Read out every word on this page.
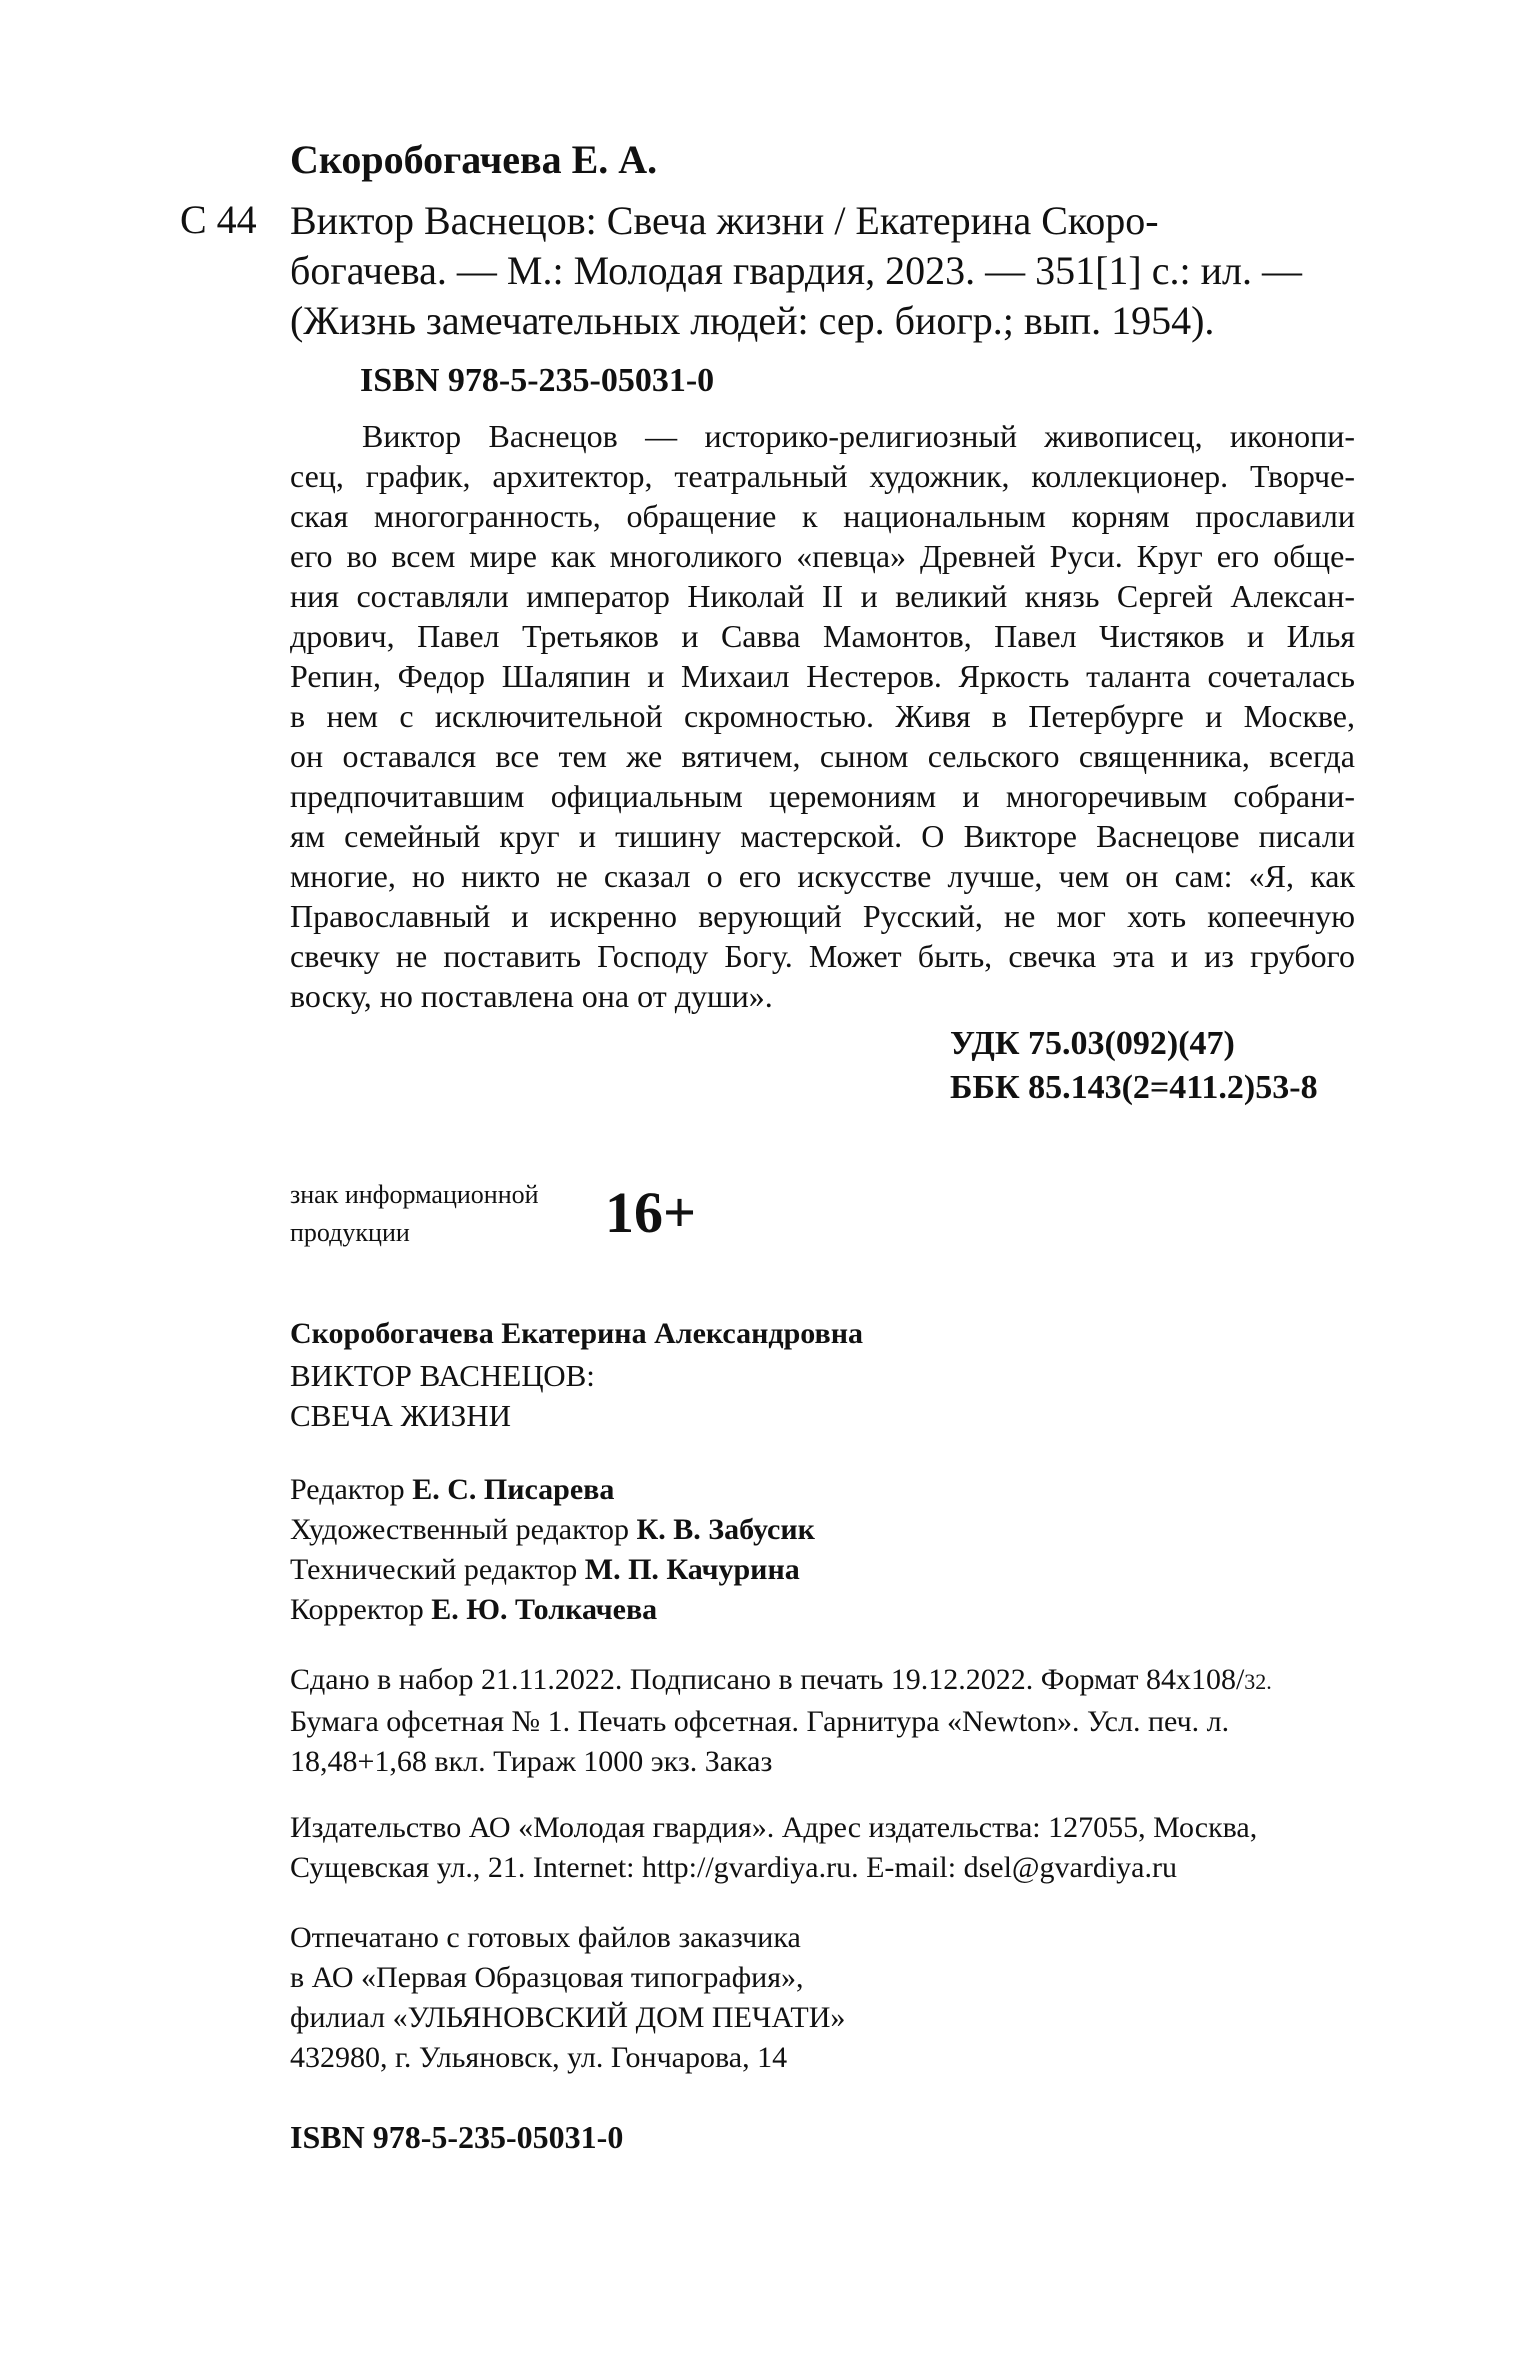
Скоробогачева Е. А.
С 44 Виктор Васнецов: Свеча жизни / Екатерина Скоро-
богачева. — М.: Молодая гвардия, 2023. — 351[1] с.: ил. —
(Жизнь замечательных людей: сер. биогр.; вып. 1954).
ISBN 978-5-235-05031-0
Виктор Васнецов — историко-религиозный живописец, иконопи-
сец, график, архитектор, театральный художник, коллекционер. Творче-
ская многогранность, обращение к национальным корням прославили
его во всем мире как многоликого «певца» Древней Руси. Круг его обще-
ния составляли император Николай II и великий князь Сергей Алексан-
дрович, Павел Третьяков и Савва Мамонтов, Павел Чистяков и Илья
Репин, Федор Шаляпин и Михаил Нестеров. Яркость таланта сочеталась
в нем с исключительной скромностью. Живя в Петербурге и Москве,
он оставался все тем же вятичем, сыном сельского священника, всегда
предпочитавшим официальным церемониям и многоречивым собрани-
ям семейный круг и тишину мастерской. О Викторе Васнецове писали
многие, но никто не сказал о его искусстве лучше, чем он сам: «Я, как
Православный и искренно верующий Русский, не мог хоть копеечную
свечку не поставить Господу Богу. Может быть, свечка эта и из грубого
воску, но поставлена она от души».
УДК 75.03(092)(47)
ББК 85.143(2=411.2)53-8
знак информационной
продукции	16+
Скоробогачева Екатерина Александровна
ВИКТОР ВАСНЕЦОВ:
СВЕЧА ЖИЗНИ
Редактор Е. С. Писарева
Художественный редактор К. В. Забусик
Технический редактор М. П. Качурина
Корректор Е. Ю. Толкачева
Сдано в набор 21.11.2022. Подписано в печать 19.12.2022. Формат 84x108/32.
Бумага офсетная № 1. Печать офсетная. Гарнитура «Newton». Усл. печ. л.
18,48+1,68 вкл. Тираж 1000 экз. Заказ
Издательство АО «Молодая гвардия». Адрес издательства: 127055, Москва,
Сущевская ул., 21. Internet: http://gvardiya.ru. E-mail: dsel@gvardiya.ru
Отпечатано с готовых файлов заказчика
в АО «Первая Образцовая типография»,
филиал «УЛЬЯНОВСКИЙ ДОМ ПЕЧАТИ»
432980, г. Ульяновск, ул. Гончарова, 14
ISBN 978-5-235-05031-0
